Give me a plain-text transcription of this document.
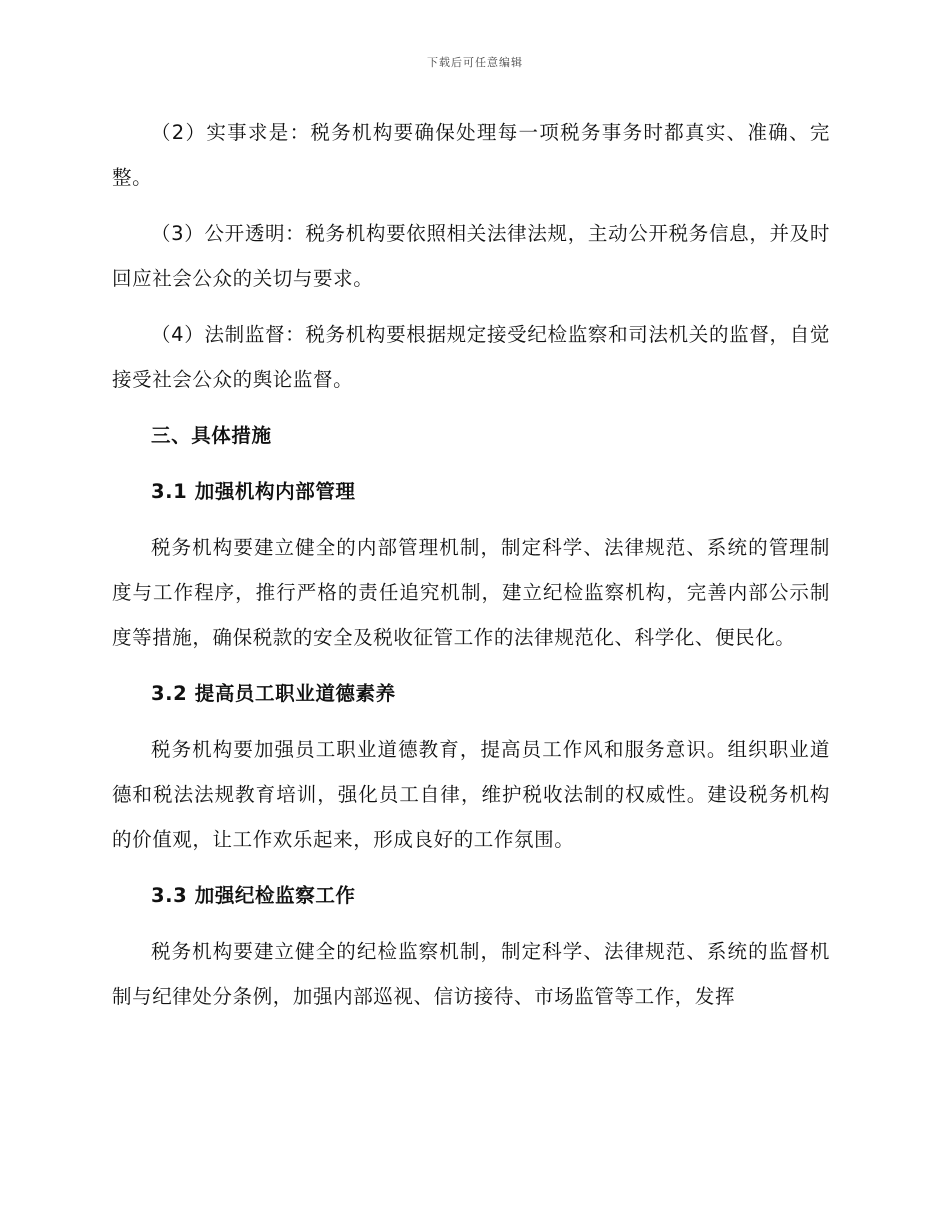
下载后可任意编辑

（2）实事求是：税务机构要确保处理每一项税务事务时都真实、准确、完整。

（3）公开透明：税务机构要依照相关法律法规，主动公开税务信息，并及时回应社会公众的关切与要求。

（4）法制监督：税务机构要根据规定接受纪检监察和司法机关的监督，自觉接受社会公众的舆论监督。

三、具体措施

3.1 加强机构内部管理

税务机构要建立健全的内部管理机制，制定科学、法律规范、系统的管理制度与工作程序，推行严格的责任追究机制，建立纪检监察机构，完善内部公示制度等措施，确保税款的安全及税收征管工作的法律规范化、科学化、便民化。

3.2 提高员工职业道德素养

税务机构要加强员工职业道德教育，提高员工作风和服务意识。组织职业道德和税法法规教育培训，强化员工自律，维护税收法制的权威性。建设税务机构的价值观，让工作欢乐起来，形成良好的工作氛围。

3.3 加强纪检监察工作

税务机构要建立健全的纪检监察机制，制定科学、法律规范、系统的监督机制与纪律处分条例，加强内部巡视、信访接待、市场监管等工作，发挥
